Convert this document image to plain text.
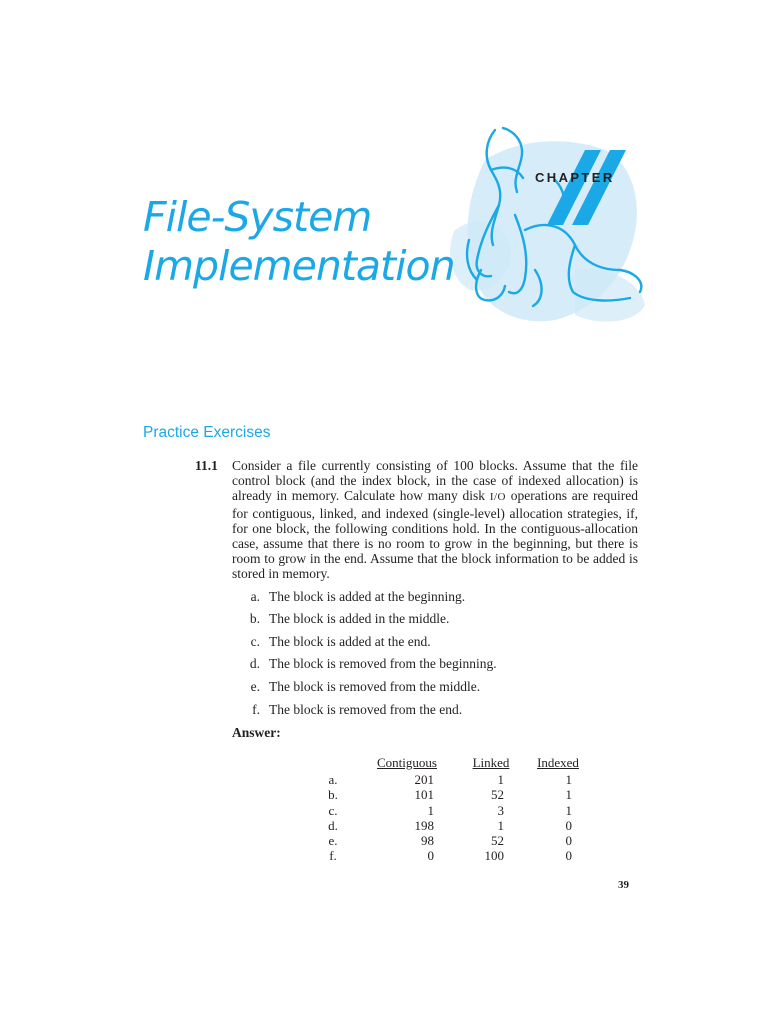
CHAPTER
File-System
Implementation
Practice Exercises
11.1 Consider a file currently consisting of 100 blocks. Assume that the file control block (and the index block, in the case of indexed allocation) is already in memory. Calculate how many disk I/O operations are required for contiguous, linked, and indexed (single-level) allocation strategies, if, for one block, the following conditions hold. In the contiguous-allocation case, assume that there is no room to grow in the beginning, but there is room to grow in the end. Assume that the block information to be added is stored in memory.
a. The block is added at the beginning.
b. The block is added in the middle.
c. The block is added at the end.
d. The block is removed from the beginning.
e. The block is removed from the middle.
f. The block is removed from the end.
Answer:
	Contiguous	Linked	Indexed
a.	201	1	1
b.	101	52	1
c.	1	3	1
d.	198	1	0
e.	98	52	0
f.	0	100	0
39
